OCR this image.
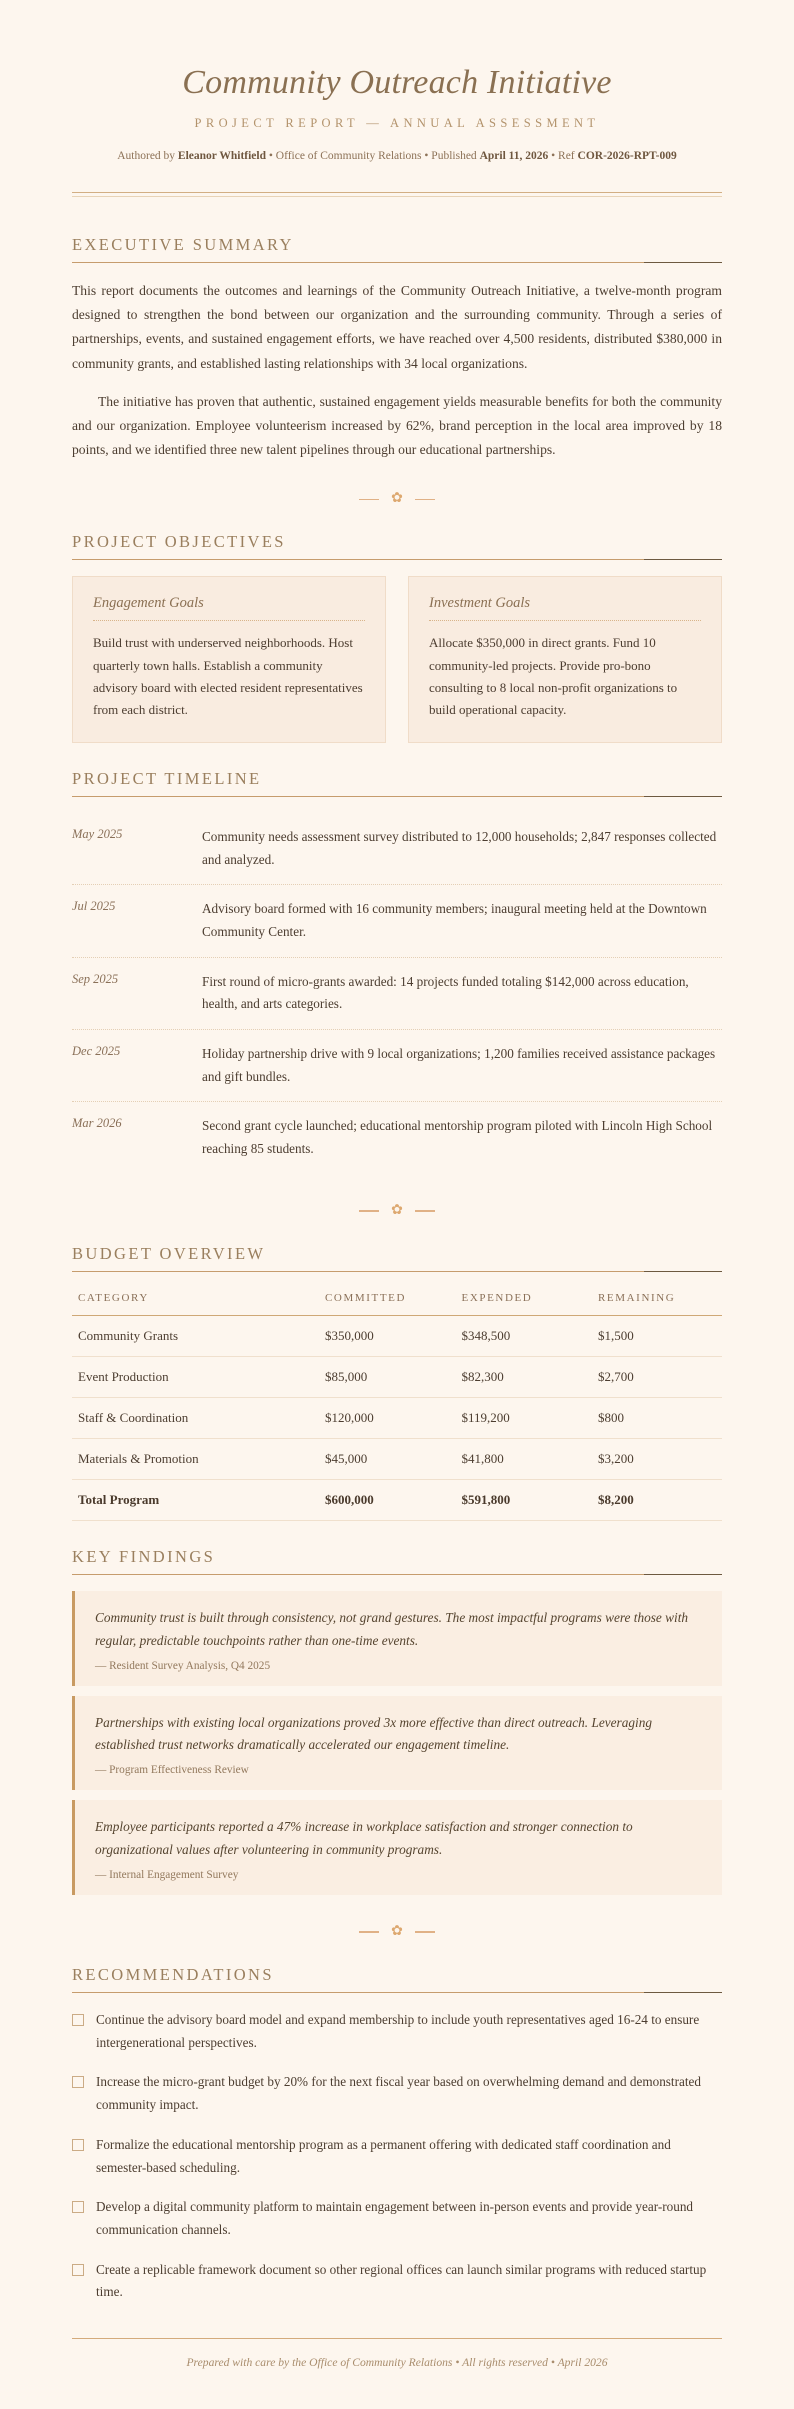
Community Outreach Initiative
PROJECT REPORT — ANNUAL ASSESSMENT
Authored by Eleanor Whitfield • Office of Community Relations • Published April 11, 2026 • Ref COR-2026-RPT-009
EXECUTIVE SUMMARY

This report documents the outcomes and learnings of the Community Outreach Initiative, a twelve-month program designed to strengthen the bond between our organization and the surrounding community. Through a series of partnerships, events, and sustained engagement efforts, we have reached over 4,500 residents, distributed $380,000 in community grants, and established lasting relationships with 34 local organizations.

The initiative has proven that authentic, sustained engagement yields measurable benefits for both the community and our organization. Employee volunteerism increased by 62%, brand perception in the local area improved by 18 points, and we identified three new talent pipelines through our educational partnerships.

✿
PROJECT OBJECTIVES
Engagement Goals

Build trust with underserved neighborhoods. Host quarterly town halls. Establish a community advisory board with elected resident representatives from each district.

Investment Goals

Allocate $350,000 in direct grants. Fund 10 community-led projects. Provide pro-bono consulting to 8 local non-profit organizations to build operational capacity.

PROJECT TIMELINE
May 2025	Community needs assessment survey distributed to 12,000 households; 2,847 responses collected and analyzed.
Jul 2025	Advisory board formed with 16 community members; inaugural meeting held at the Downtown Community Center.
Sep 2025	First round of micro-grants awarded: 14 projects funded totaling $142,000 across education, health, and arts categories.
Dec 2025	Holiday partnership drive with 9 local organizations; 1,200 families received assistance packages and gift bundles.
Mar 2026	Second grant cycle launched; educational mentorship program piloted with Lincoln High School reaching 85 students.
✿
BUDGET OVERVIEW
CATEGORY	COMMITTED	EXPENDED	REMAINING
Community Grants	$350,000	$348,500	$1,500
Event Production	$85,000	$82,300	$2,700
Staff & Coordination	$120,000	$119,200	$800
Materials & Promotion	$45,000	$41,800	$3,200
Total Program	$600,000	$591,800	$8,200
KEY FINDINGS

Community trust is built through consistency, not grand gestures. The most impactful programs were those with regular, predictable touchpoints rather than one-time events.

— Resident Survey Analysis, Q4 2025

Partnerships with existing local organizations proved 3x more effective than direct outreach. Leveraging established trust networks dramatically accelerated our engagement timeline.

— Program Effectiveness Review

Employee participants reported a 47% increase in workplace satisfaction and stronger connection to organizational values after volunteering in community programs.

— Internal Engagement Survey
✿
RECOMMENDATIONS
Continue the advisory board model and expand membership to include youth representatives aged 16-24 to ensure intergenerational perspectives.
Increase the micro-grant budget by 20% for the next fiscal year based on overwhelming demand and demonstrated community impact.
Formalize the educational mentorship program as a permanent offering with dedicated staff coordination and semester-based scheduling.
Develop a digital community platform to maintain engagement between in-person events and provide year-round communication channels.
Create a replicable framework document so other regional offices can launch similar programs with reduced startup time.
Prepared with care by the Office of Community Relations • All rights reserved • April 2026
